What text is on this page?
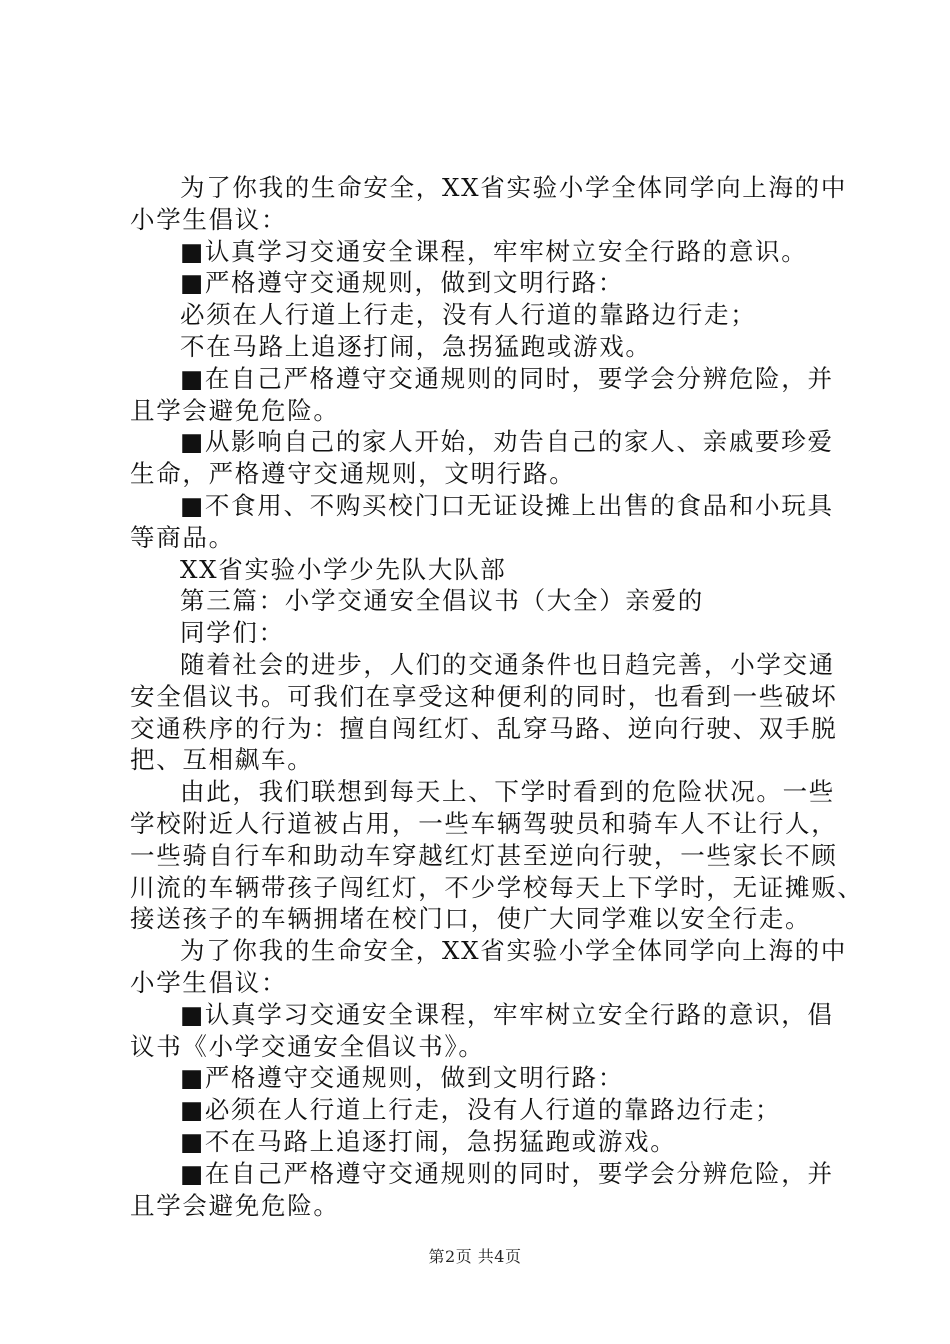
为了你我的生命安全，XX省实验小学全体同学向上海的中
小学生倡议：
■认真学习交通安全课程，牢牢树立安全行路的意识。
■严格遵守交通规则，做到文明行路：
必须在人行道上行走，没有人行道的靠路边行走；
不在马路上追逐打闹，急拐猛跑或游戏。
■在自己严格遵守交通规则的同时，要学会分辨危险，并
且学会避免危险。
■从影响自己的家人开始，劝告自己的家人、亲戚要珍爱
生命，严格遵守交通规则，文明行路。
■不食用、不购买校门口无证设摊上出售的食品和小玩具
等商品。
XX省实验小学少先队大队部
第三篇：小学交通安全倡议书（大全）亲爱的
同学们：
随着社会的进步，人们的交通条件也日趋完善，小学交通
安全倡议书。可我们在享受这种便利的同时，也看到一些破坏
交通秩序的行为：擅自闯红灯、乱穿马路、逆向行驶、双手脱
把、互相飙车。
由此，我们联想到每天上、下学时看到的危险状况。一些
学校附近人行道被占用，一些车辆驾驶员和骑车人不让行人，
一些骑自行车和助动车穿越红灯甚至逆向行驶，一些家长不顾
川流的车辆带孩子闯红灯，不少学校每天上下学时，无证摊贩、
接送孩子的车辆拥堵在校门口，使广大同学难以安全行走。
为了你我的生命安全，XX省实验小学全体同学向上海的中
小学生倡议：
■认真学习交通安全课程，牢牢树立安全行路的意识，倡
议书《小学交通安全倡议书》。
■严格遵守交通规则，做到文明行路：
■必须在人行道上行走，没有人行道的靠路边行走；
■不在马路上追逐打闹，急拐猛跑或游戏。
■在自己严格遵守交通规则的同时，要学会分辨危险，并
且学会避免危险。
第2页 共4页
